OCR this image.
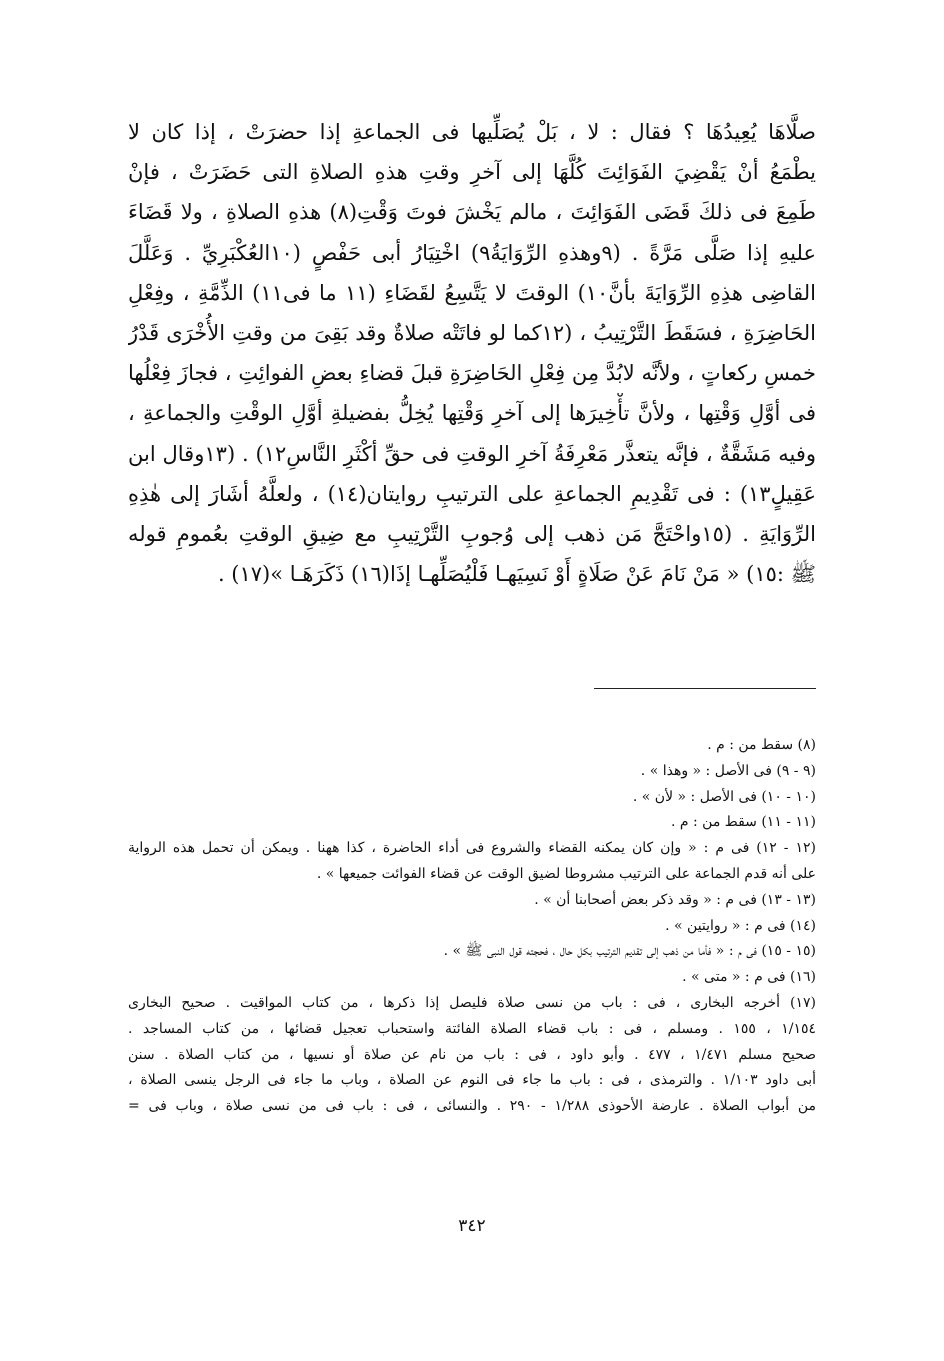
صلَّاهَا يُعِيدُهَا ؟ فقال : لا ، بَلْ يُصَلِّيها فى الجماعةِ إذا حضرَتْ ، إذا كان لا
يطْمَعُ أنْ يَقْضِيَ الفَوَائِتَ كُلَّهَا إلى آخرِ وقتِ هذهِ الصلاةِ التى حَضَرَتْ ، فإنْ
طَمِعَ فى ذلكَ قَضَى الفَوَائِتَ ، مالم يَخْشَ فوتَ وَقْتِ(٨) هذهِ الصلاةِ ، ولا قَضَاءَ
عليهِ إذا صَلَّى مَرَّةً . (٩وهذهِ الرِّوَايَةُ٩) اخْتِيَارُ أبى حَفْصٍ (١٠العُكْبَرِيِّ . وَعَلَّلَ
القاضِى هذِهِ الرِّوَايَةَ بأنَّ١٠) الوقتَ لا يَتَّسِعُ لقَضَاءِ (١١ ما فى١١) الذِّمَّةِ ، وفِعْلِ
الحَاضِرَةِ ، فسَقَطَ التَّرْتِيبُ ، (١٢كما لو فاتَتْه صلاةٌ وقد بَقِىَ من وقتِ الأُخْرَى قَدْرُ
خمسِ ركعاتٍ ، ولأنَّه لابُدَّ مِن فِعْلِ الحَاضِرَةِ قبلَ قضاءِ بعضِ الفوائِتِ ، فجازَ فِعْلُها
فى أوَّلِ وَقْتِها ، ولأنَّ تأْخِيرَها إلى آخرِ وَقْتِها يُخِلُّ بفضيلةِ أوَّلِ الوقْتِ والجماعةِ ،
وفيه مَشَقَّةٌ ، فإنَّه يتعذَّر مَعْرِفَةُ آخرِ الوقتِ فى حقِّ أكْثَرِ النَّاسِ١٢) . (١٣وقال ابن
عَقِيلٍ١٣) : فى تَقْدِيمِ الجماعةِ على الترتيبِ روايتان(١٤) ، ولعلَّهُ أشَارَ إلى هٰذِهِ
الرِّوَايَةِ . (١٥واحْتَجَّ مَن ذهب إلى وُجوبِ التَّرْتِيبِ مع ضِيقِ الوقتِ بعُمومِ قوله
ﷺ :١٥) « مَنْ نَامَ عَنْ صَلَاةٍ أَوْ نَسِيَهـا فَلْيُصَلِّهـا إذَا(١٦) ذَكَرَهَـا »(١٧) .
(٨) سقط من : م .
(٩ - ٩) فى الأصل : « وهذا » .
(١٠ - ١٠) فى الأصل : « لأن » .
(١١ - ١١) سقط من : م .
(١٢ - ١٢) فى م : « وإن كان يمكنه القضاء والشروع فى أداء الحاضرة ، كذا ههنا . ويمكن أن تحمل هذه الرواية
على أنه قدم الجماعة على الترتيب مشروطا لضيق الوقت عن قضاء الفوائت جميعها » .
(١٣ - ١٣) فى م : « وقد ذكر بعض أصحابنا أن » .
(١٤) فى م : « روايتين » .
(١٥ - ١٥) فى م : « فأما من ذهب إلى تقديم الترتيب بكل حال ، فحجته قول النبى ﷺ » .
(١٦) فى م : « متى » .
(١٧) أخرجه البخارى ، فى : باب من نسى صلاة فليصل إذا ذكرها ، من كتاب المواقيت . صحيح البخارى
١/١٥٤ ، ١٥٥ . ومسلم ، فى : باب قضاء الصلاة الفائتة واستحباب تعجيل قضائها ، من كتاب المساجد .
صحيح مسلم ١/٤٧١ ، ٤٧٧ . وأبو داود ، فى : باب من نام عن صلاة أو نسيها ، من كتاب الصلاة . سنن
أبى داود ١/١٠٣ . والترمذى ، فى : باب ما جاء فى النوم عن الصلاة ، وباب ما جاء فى الرجل ينسى الصلاة ،
من أبواب الصلاة . عارضة الأحوذى ١/٢٨٨ - ٢٩٠ . والنسائى ، فى : باب فى من نسى صلاة ، وباب فى =
٣٤٢
